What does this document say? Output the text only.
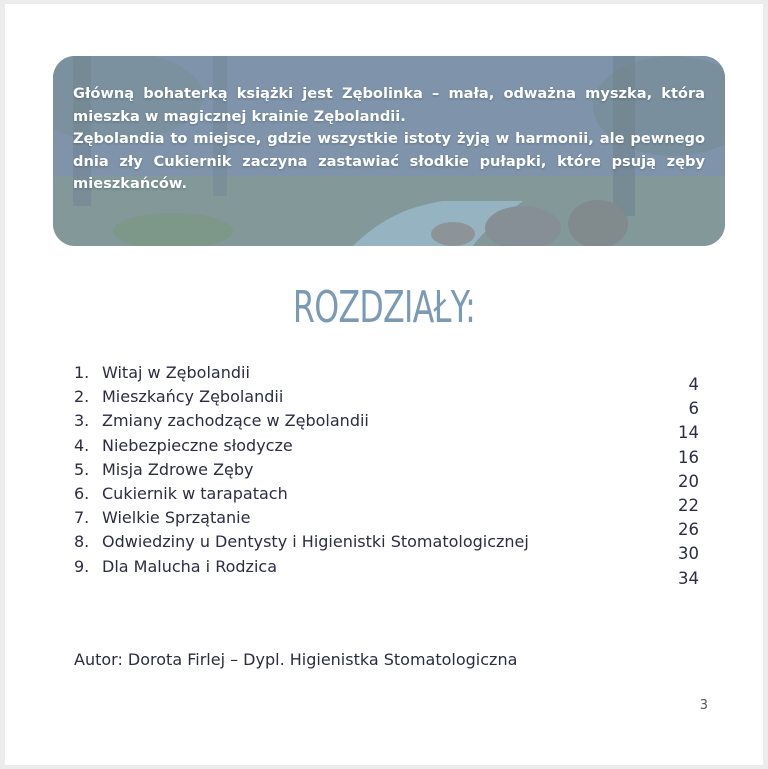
Główną bohaterką książki jest Zębolinka – mała, odważna myszka, która mieszka w magicznej krainie Zębolandii.

Zębolandia to miejsce, gdzie wszystkie istoty żyją w harmonii, ale pewnego dnia zły Cukiernik zaczyna zastawiać słodkie pułapki, które psują zęby mieszkańców.

ROZDZIAŁY:
1. Witaj w Zębolandii
2. Mieszkańcy Zębolandii
3. Zmiany zachodzące w Zębolandii
4. Niebezpieczne słodycze
5. Misja Zdrowe Zęby
6. Cukiernik w tarapatach
7. Wielkie Sprzątanie
8. Odwiedziny u Dentysty i Higienistki Stomatologicznej
9. Dla Malucha i Rodzica
4
6
14
16
20
22
26
30
34
Autor: Dorota Firlej – Dypl. Higienistka Stomatologiczna
3
